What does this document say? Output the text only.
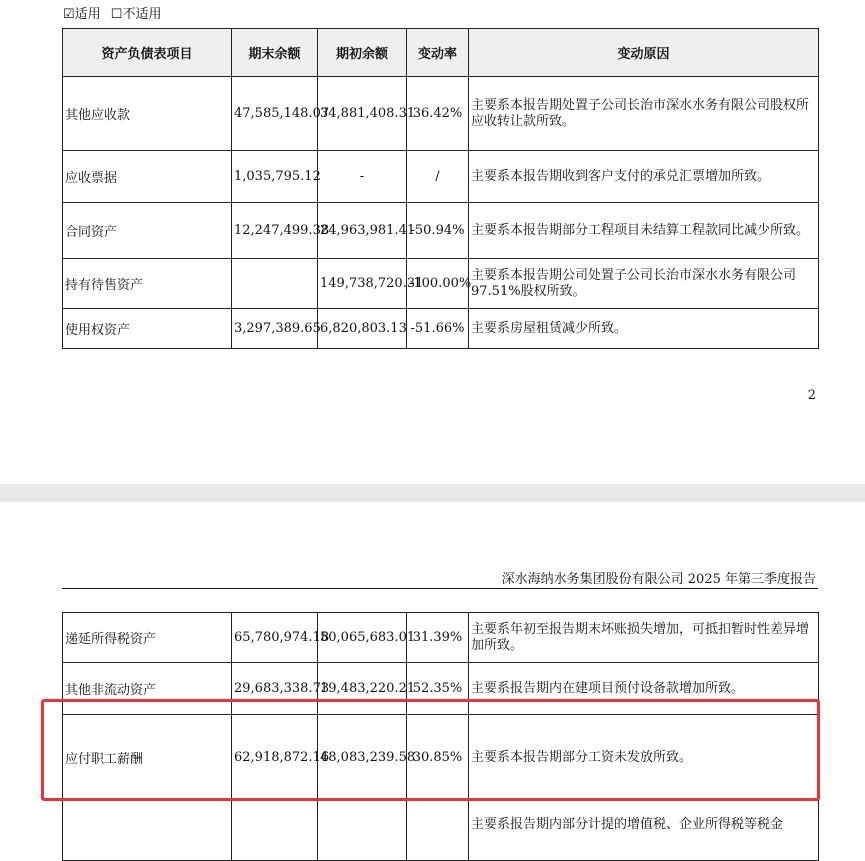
☑适用 ☐不适用
资产负债表项目	期末余额	期初余额	变动率	变动原因
其他应收款	47,585,148.07	34,881,408.31	36.42%	主要系本报告期处置子公司长治市深水水务有限公司股权所应收转让款所致。
应收票据	1,035,795.12	-	/	主要系本报告期收到客户支付的承兑汇票增加所致。
合同资产	12,247,499.38	24,963,981.41	-50.94%	主要系本报告期部分工程项目未结算工程款同比减少所致。
持有待售资产		149,738,720.31	-100.00%	主要系本报告期公司处置子公司长治市深水水务有限公司 97.51%股权所致。
使用权资产	3,297,389.65	6,820,803.13	-51.66%	主要系房屋租赁减少所致。
2
深水海纳水务集团股份有限公司 2025 年第三季度报告
递延所得税资产	65,780,974.18	50,065,683.01	31.39%	主要系年初至报告期末坏账损失增加，可抵扣暂时性差异增加所致。
其他非流动资产	29,683,338.73	19,483,220.21	52.35%	主要系报告期内在建项目预付设备款增加所致。
应付职工薪酬	62,918,872.16	48,083,239.58	30.85%	主要系本报告期部分工资未发放所致。
				主要系报告期内部分计提的增值税、企业所得税等税金
